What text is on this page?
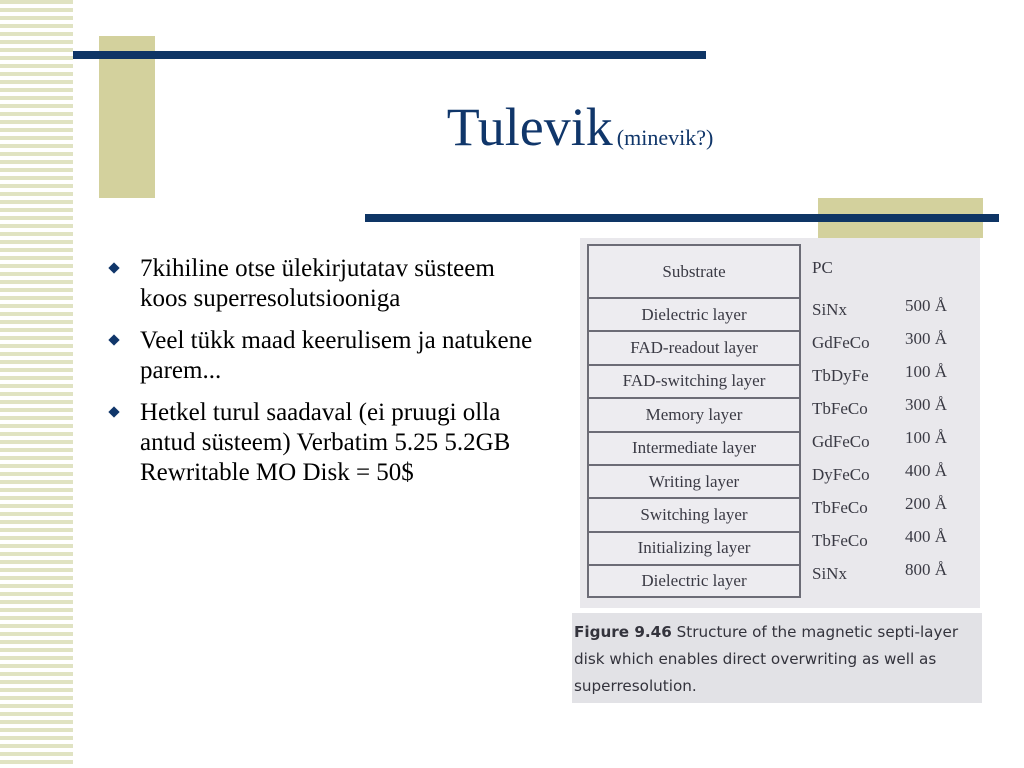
Tulevik (minevik?)
7kihiline otse ülekirjutatav süsteem koos superresolutsiooniga
Veel tükk maad keerulisem ja natukene parem...
Hetkel turul saadaval (ei pruugi olla antud süsteem) Verbatim 5.25 5.2GB Rewritable MO Disk = 50$
Substrate
Dielectric layer
FAD-readout layer
FAD-switching layer
Memory layer
Intermediate layer
Writing layer
Switching layer
Initializing layer
Dielectric layer
PC
SiNx
GdFeCo
TbDyFe
TbFeCo
GdFeCo
DyFeCo
TbFeCo
TbFeCo
SiNx
500 Å
300 Å
100 Å
300 Å
100 Å
400 Å
200 Å
400 Å
800 Å
Figure 9.46 Structure of the magnetic septi-layer disk which enables direct overwriting as well as superresolution.
